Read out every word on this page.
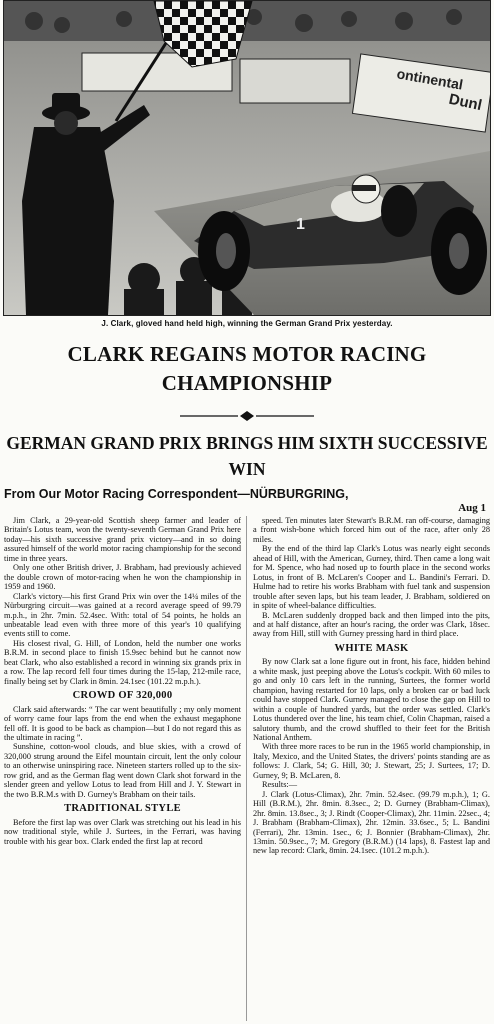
ontinental
Dunl
1
J. Clark, gloved hand held high, winning the German Grand Prix yesterday.
CLARK REGAINS MOTOR RACING CHAMPIONSHIP
GERMAN GRAND PRIX BRINGS HIM SIXTH SUCCESSIVE WIN
From Our Motor Racing Correspondent—NÜRBURGRING,
Aug 1

Jim Clark, a 29-year-old Scottish sheep farmer and leader of Britain's Lotus team, won the twenty-seventh German Grand Prix here today—his sixth successive grand prix victory—and in so doing assured himself of the world motor racing championship for the second time in three years.

Only one other British driver, J. Brabham, had previously achieved the double crown of motor-racing when he won the championship in 1959 and 1960.

Clark's victory—his first Grand Prix win over the 14¼ miles of the Nürburgring circuit—was gained at a record average speed of 99.79 m.p.h., in 2hr. 7min. 52.4sec. With: total of 54 points, he holds an unbeatable lead even with three more of this year's 10 qualifying events still to come.

His closest rival, G. Hill, of London, held the number one works B.R.M. in second place to finish 15.9sec behind but he cannot now beat Clark, who also established a record in winning six grands prix in a row. The lap record fell four times during the 15-lap, 212-mile race, finally being set by Clark in 8min. 24.1sec (101.22 m.p.h.).

CROWD OF 320,000

Clark said afterwards: “ The car went beautifully ; my only moment of worry came four laps from the end when the exhaust megaphone fell off. It is good to be back as champion—but I do not regard this as the ultimate in racing ”.

Sunshine, cotton-wool clouds, and blue skies, with a crowd of 320,000 strung around the Eifel mountain circuit, lent the only colour to an otherwise uninspiring race. Nineteen starters rolled up to the six-row grid, and as the German flag went down Clark shot forward in the slender green and yellow Lotus to lead from Hill and J. Y. Stewart in the two B.R.M.s with D. Gurney's Brabham on their tails.

TRADITIONAL STYLE

Before the first lap was over Clark was stretching out his lead in his now traditional style, while J. Surtees, in the Ferrari, was having trouble with his gear box. Clark ended the first lap at record

speed. Ten minutes later Stewart's B.R.M. ran off-course, damaging a front wish-bone which forced him out of the race, after only 28 miles.

By the end of the third lap Clark's Lotus was nearly eight seconds ahead of Hill, with the American, Gurney, third. Then came a long wait for M. Spence, who had nosed up to fourth place in the second works Lotus, in front of B. McLaren's Cooper and L. Bandini's Ferrari. D. Hulme had to retire his works Brabham with fuel tank and suspension trouble after seven laps, but his team leader, J. Brabham, soldiered on in spite of wheel-balance difficulties.

B. McLaren suddenly dropped back and then limped into the pits, and at half distance, after an hour's racing, the order was Clark, 18sec. away from Hill, still with Gurney pressing hard in third place.

WHITE MASK

By now Clark sat a lone figure out in front, his face, hidden behind a white mask, just peeping above the Lotus's cockpit. With 60 miles to go and only 10 cars left in the running, Surtees, the former world champion, having restarted for 10 laps, only a broken car or bad luck could have stopped Clark. Gurney managed to close the gap on Hill to within a couple of hundred yards, but the order was settled. Clark's Lotus thundered over the line, his team chief, Colin Chapman, raised a salutory thumb, and the crowd shuffled to their feet for the British National Anthem.

With three more races to be run in the 1965 world championship, in Italy, Mexico, and the United States, the drivers' points standing are as follows: J. Clark, 54; G. Hill, 30; J. Stewart, 25; J. Surtees, 17; D. Gurney, 9; B. McLaren, 8.

Results:—

J. Clark (Lotus-Climax), 2hr. 7min. 52.4sec. (99.79 m.p.h.), 1; G. Hill (B.R.M.), 2hr. 8min. 8.3sec., 2; D. Gurney (Brabham-Climax), 2hr. 8min. 13.8sec., 3; J. Rindt (Cooper-Climax), 2hr. 11min. 22sec., 4; J. Brabham (Brabham-Climax), 2hr. 12min. 33.6sec., 5; L. Bandini (Ferrari), 2hr. 13min. 1sec., 6; J. Bonnier (Brabham-Climax), 2hr. 13min. 50.9sec., 7; M. Gregory (B.R.M.) (14 laps), 8. Fastest lap and new lap record: Clark, 8min. 24.1sec. (101.2 m.p.h.).
